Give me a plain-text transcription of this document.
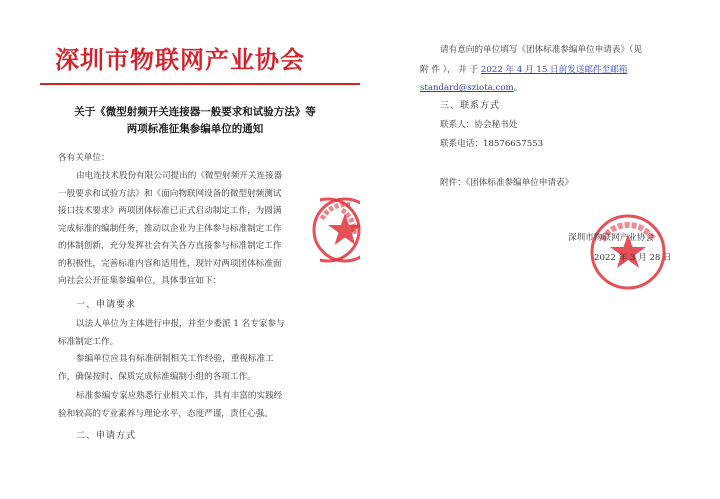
深圳市物联网产业协会
关于《微型射频开关连接器一般要求和试验方法》等
两项标准征集参编单位的通知
各有关单位：
由电连技术股份有限公司提出的《微型射频开关连接器
一般要求和试验方法》和《面向物联网设备的微型射频测试
接口技术要求》两项团体标准已正式启动制定工作，为圆满
完成标准的编制任务，推动以企业为主体参与标准制定工作
的体制创新，充分发挥社会有关各方直接参与标准制定工作
的积极性，完善标准内容和适用性，现针对两项团体标准面
向社会公开征集参编单位，具体事宜如下：
一、申请要求
以法人单位为主体进行申报，并至少委派 1 名专家参与
标准制定工作。
参编单位应具有标准研制相关工作经验，重视标准工
作，确保按时、保质完成标准编制小组的各项工作。
标准参编专家应熟悉行业相关工作，具有丰富的实践经
验和较高的专业素养与理论水平，态度严谨，责任心强。
二、申请方式
请有意向的单位填写《团体标准参编单位申请表》（见
附 件 ）， 并 于 2022 年 4 月 15 日前发送邮件至邮箱
standard@sziota.com。
三、联系方式
联系人：协会秘书处
联系电话：18576657553
附件：《团体标准参编单位申请表》
深圳市物联网产业协会
2022 年 3 月 28 日
